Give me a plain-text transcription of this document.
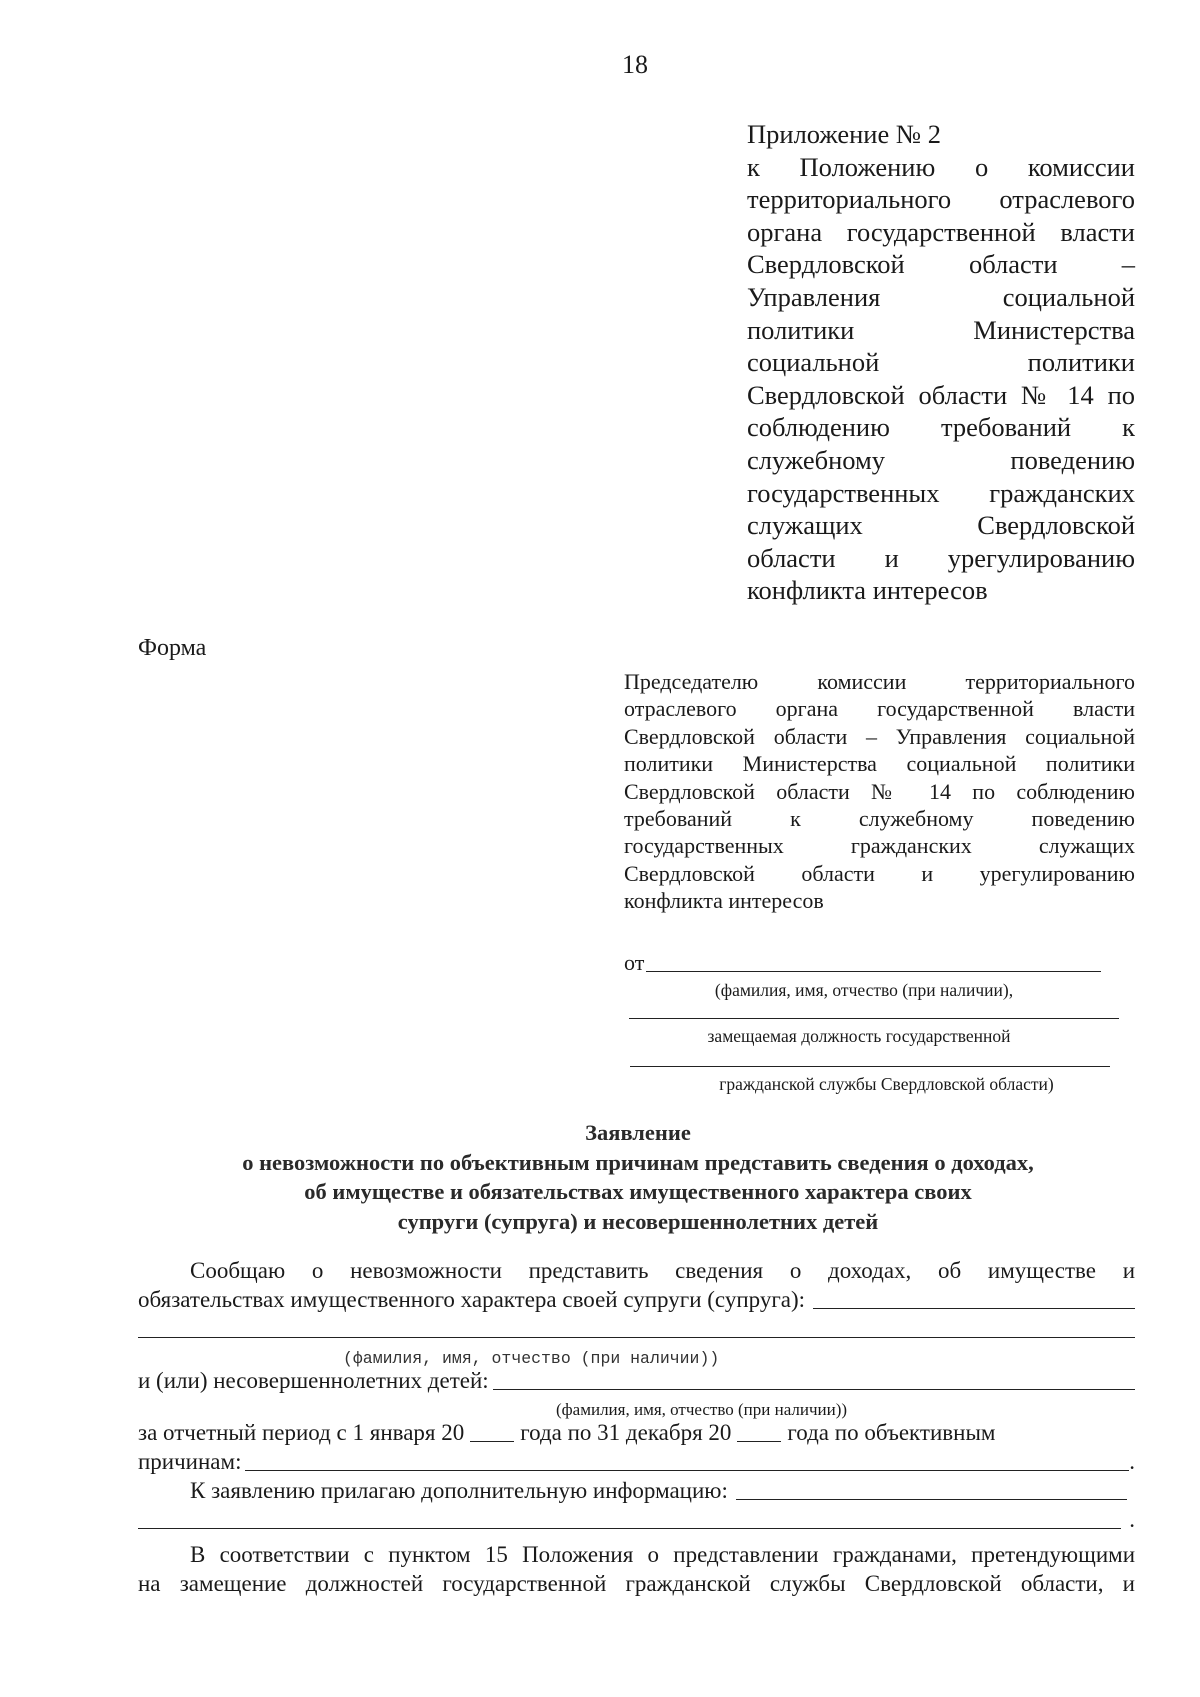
18
Приложение № 2
к Положению о комиссии
территориального отраслевого
органа государственной власти
Свердловской области –
Управления социальной
политики Министерства
социальной политики
Свердловской области № 14 по
соблюдению требований к
служебному поведению
государственных гражданских
служащих Свердловской
области и урегулированию
конфликта интересов
Форма
Председателю комиссии территориального
отраслевого органа государственной власти
Свердловской области – Управления социальной
политики Министерства социальной политики
Свердловской области № 14 по соблюдению
требований к служебному поведению
государственных гражданских служащих
Свердловской области и урегулированию
конфликта интересов
от
(фамилия, имя, отчество (при наличии),
замещаемая должность государственной
гражданской службы Свердловской области)
Заявление
о невозможности по объективным причинам представить сведения о доходах,
об имуществе и обязательствах имущественного характера своих
супруги (супруга) и несовершеннолетних детей
Сообщаю о невозможности представить сведения о доходах, об имуществе и
обязательствах имущественного характера своей супруги (супруга):
(фамилия, имя, отчество (при наличии))
и (или) несовершеннолетних детей:
(фамилия, имя, отчество (при наличии))
за отчетный период с 1 января 20 года по 31 декабря 20 года по объективным
причинам:	.
К заявлению прилагаю дополнительную информацию:
.
В соответствии с пунктом 15 Положения о представлении гражданами, претендующими
на замещение должностей государственной гражданской службы Свердловской области, и
